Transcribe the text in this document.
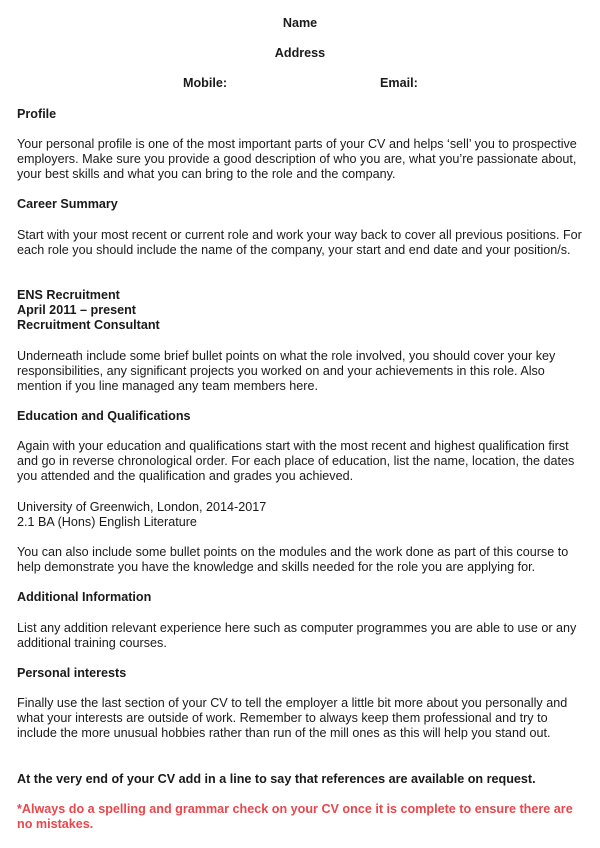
Name
Address
Mobile:	Email:
Profile
Your personal profile is one of the most important parts of your CV and helps ‘sell’ you to prospective employers. Make sure you provide a good description of who you are, what you’re passionate about, your best skills and what you can bring to the role and the company.
Career Summary
Start with your most recent or current role and work your way back to cover all previous positions. For each role you should include the name of the company, your start and end date and your position/s.
ENS Recruitment
April 2011 – present
Recruitment Consultant
Underneath include some brief bullet points on what the role involved, you should cover your key responsibilities, any significant projects you worked on and your achievements in this role. Also mention if you line managed any team members here.
Education and Qualifications
Again with your education and qualifications start with the most recent and highest qualification first and go in reverse chronological order. For each place of education, list the name, location, the dates you attended and the qualification and grades you achieved.
University of Greenwich, London, 2014-2017
2.1 BA (Hons) English Literature
You can also include some bullet points on the modules and the work done as part of this course to help demonstrate you have the knowledge and skills needed for the role you are applying for.
Additional Information
List any addition relevant experience here such as computer programmes you are able to use or any additional training courses.
Personal interests
Finally use the last section of your CV to tell the employer a little bit more about you personally and what your interests are outside of work. Remember to always keep them professional and try to include the more unusual hobbies rather than run of the mill ones as this will help you stand out.
At the very end of your CV add in a line to say that references are available on request.
*Always do a spelling and grammar check on your CV once it is complete to ensure there are no mistakes.
